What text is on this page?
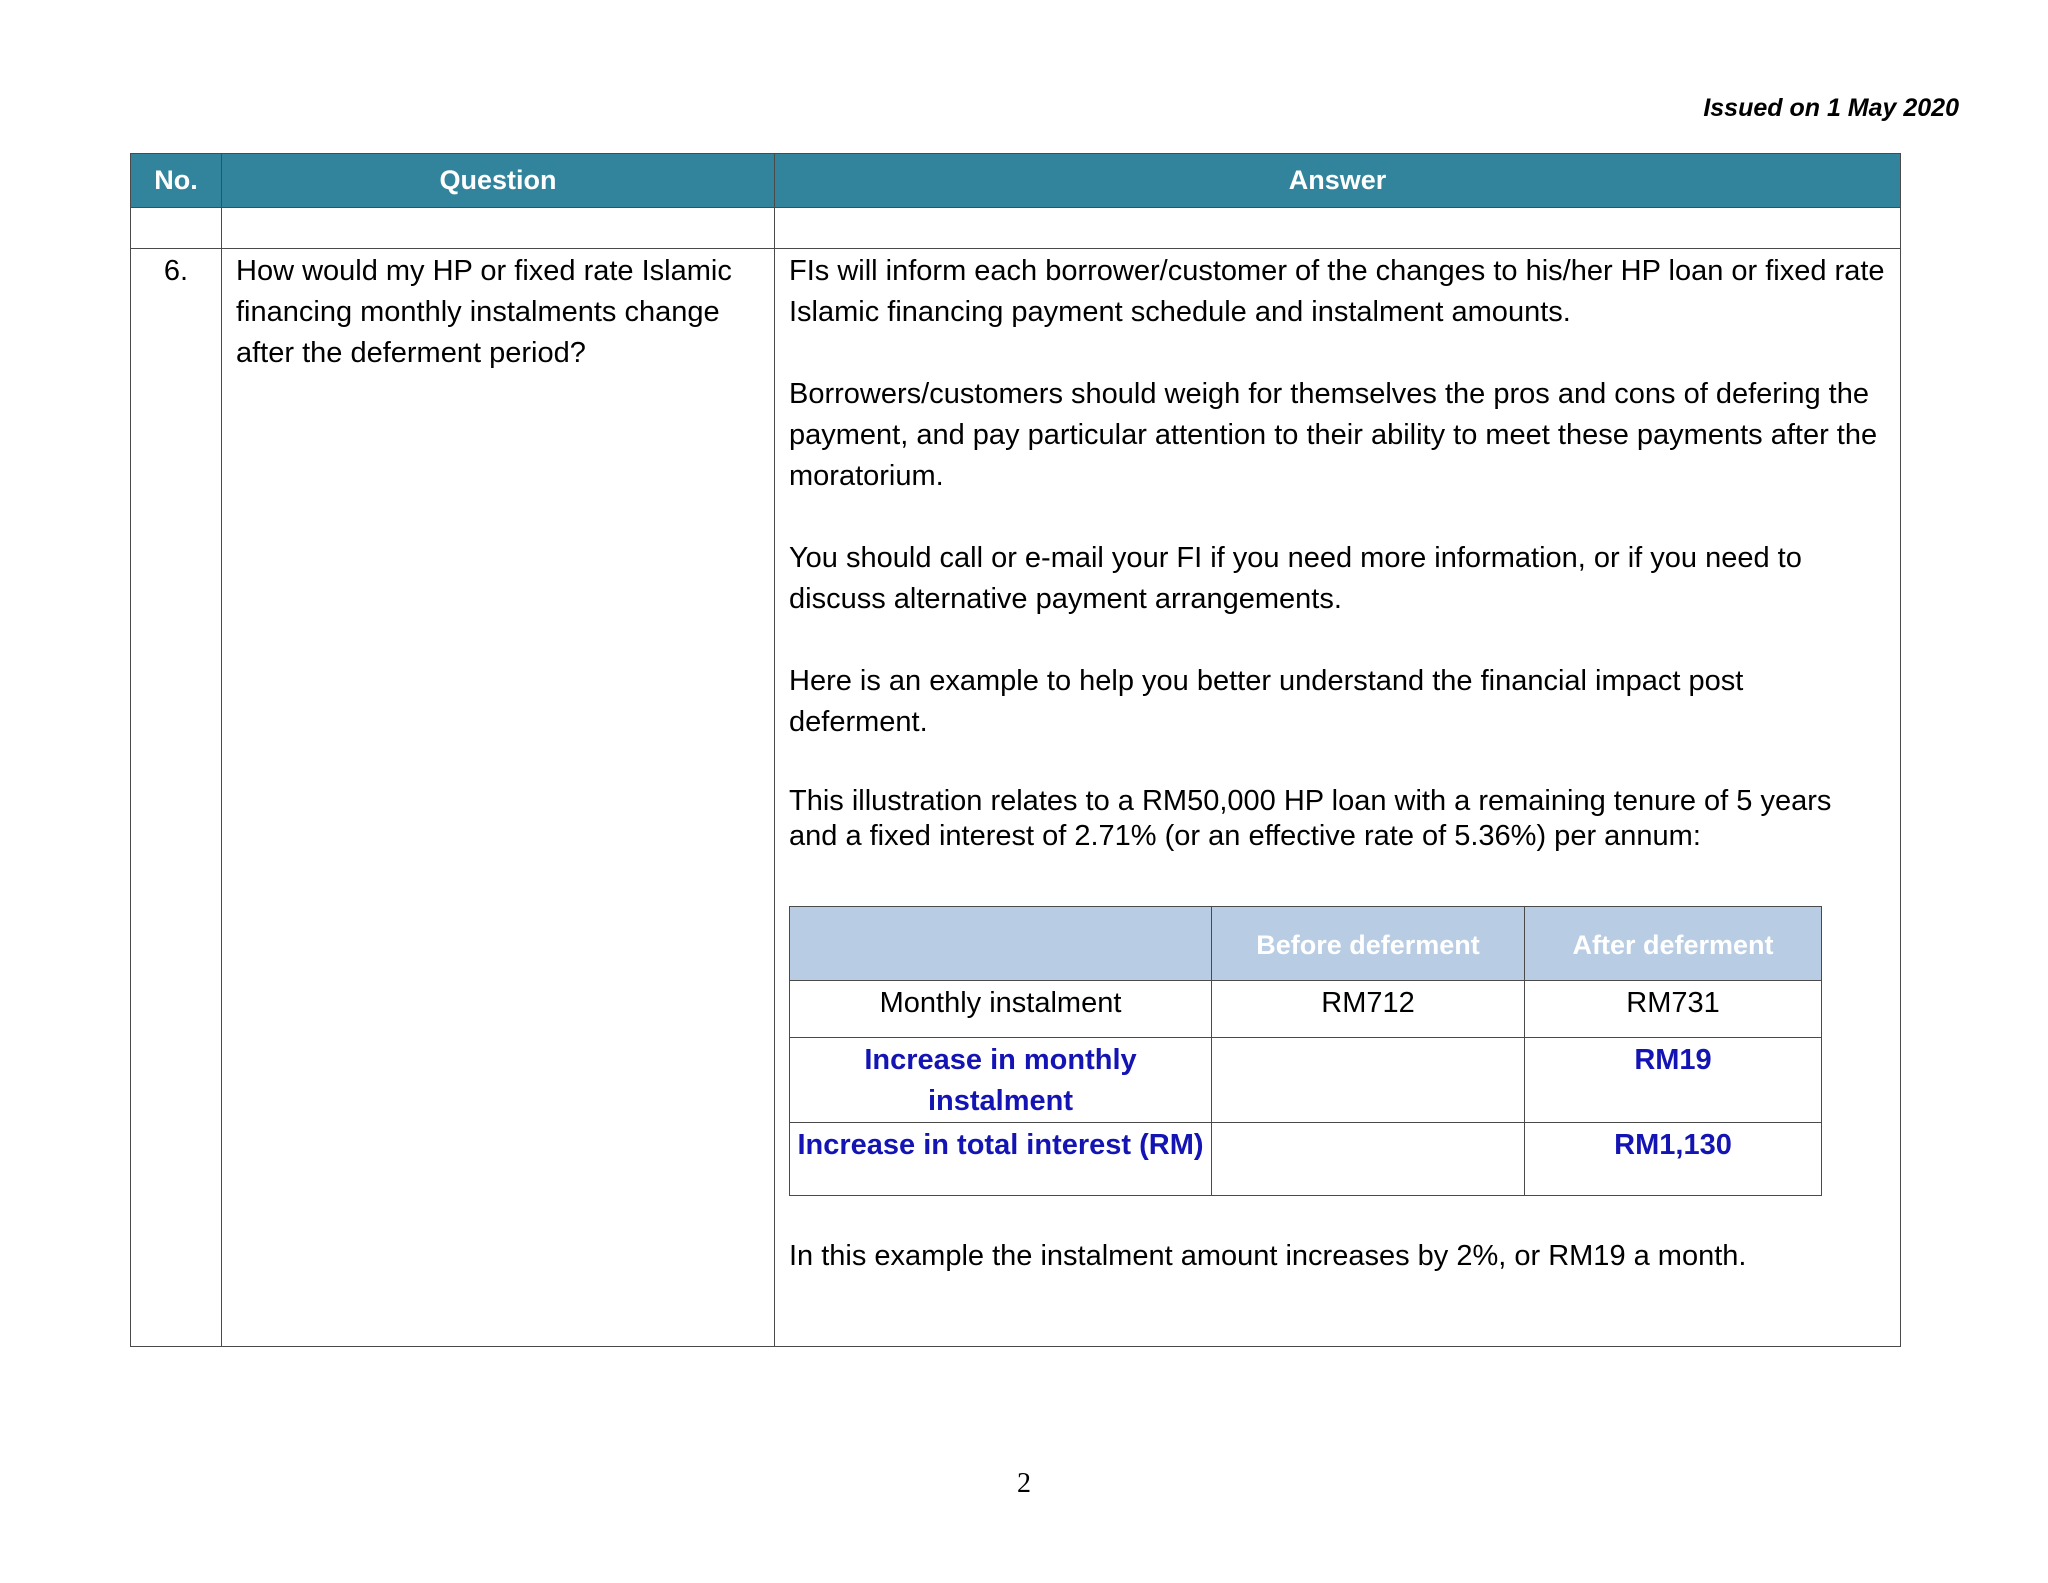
Issued on 1 May 2020
No.	Question	Answer

6.	How would my HP or fixed rate Islamic financing monthly instalments change after the deferment period?	

FIs will inform each borrower/customer of the changes to his/her HP loan or fixed rate Islamic financing payment schedule and instalment amounts.

Borrowers/customers should weigh for themselves the pros and cons of defering the payment, and pay particular attention to their ability to meet these payments after the moratorium.

You should call or e-mail your FI if you need more information, or if you need to discuss alternative payment arrangements.

Here is an example to help you better understand the financial impact post deferment.

This illustration relates to a RM50,000 HP loan with a remaining tenure of 5 years and a fixed interest of 2.71% (or an effective rate of 5.36%) per annum:

	Before deferment	After deferment
Monthly instalment	RM712	RM731
Increase in monthly instalment		RM19
Increase in total interest (RM)		RM1,130

In this example the instalment amount increases by 2%, or RM19 a month.

2
